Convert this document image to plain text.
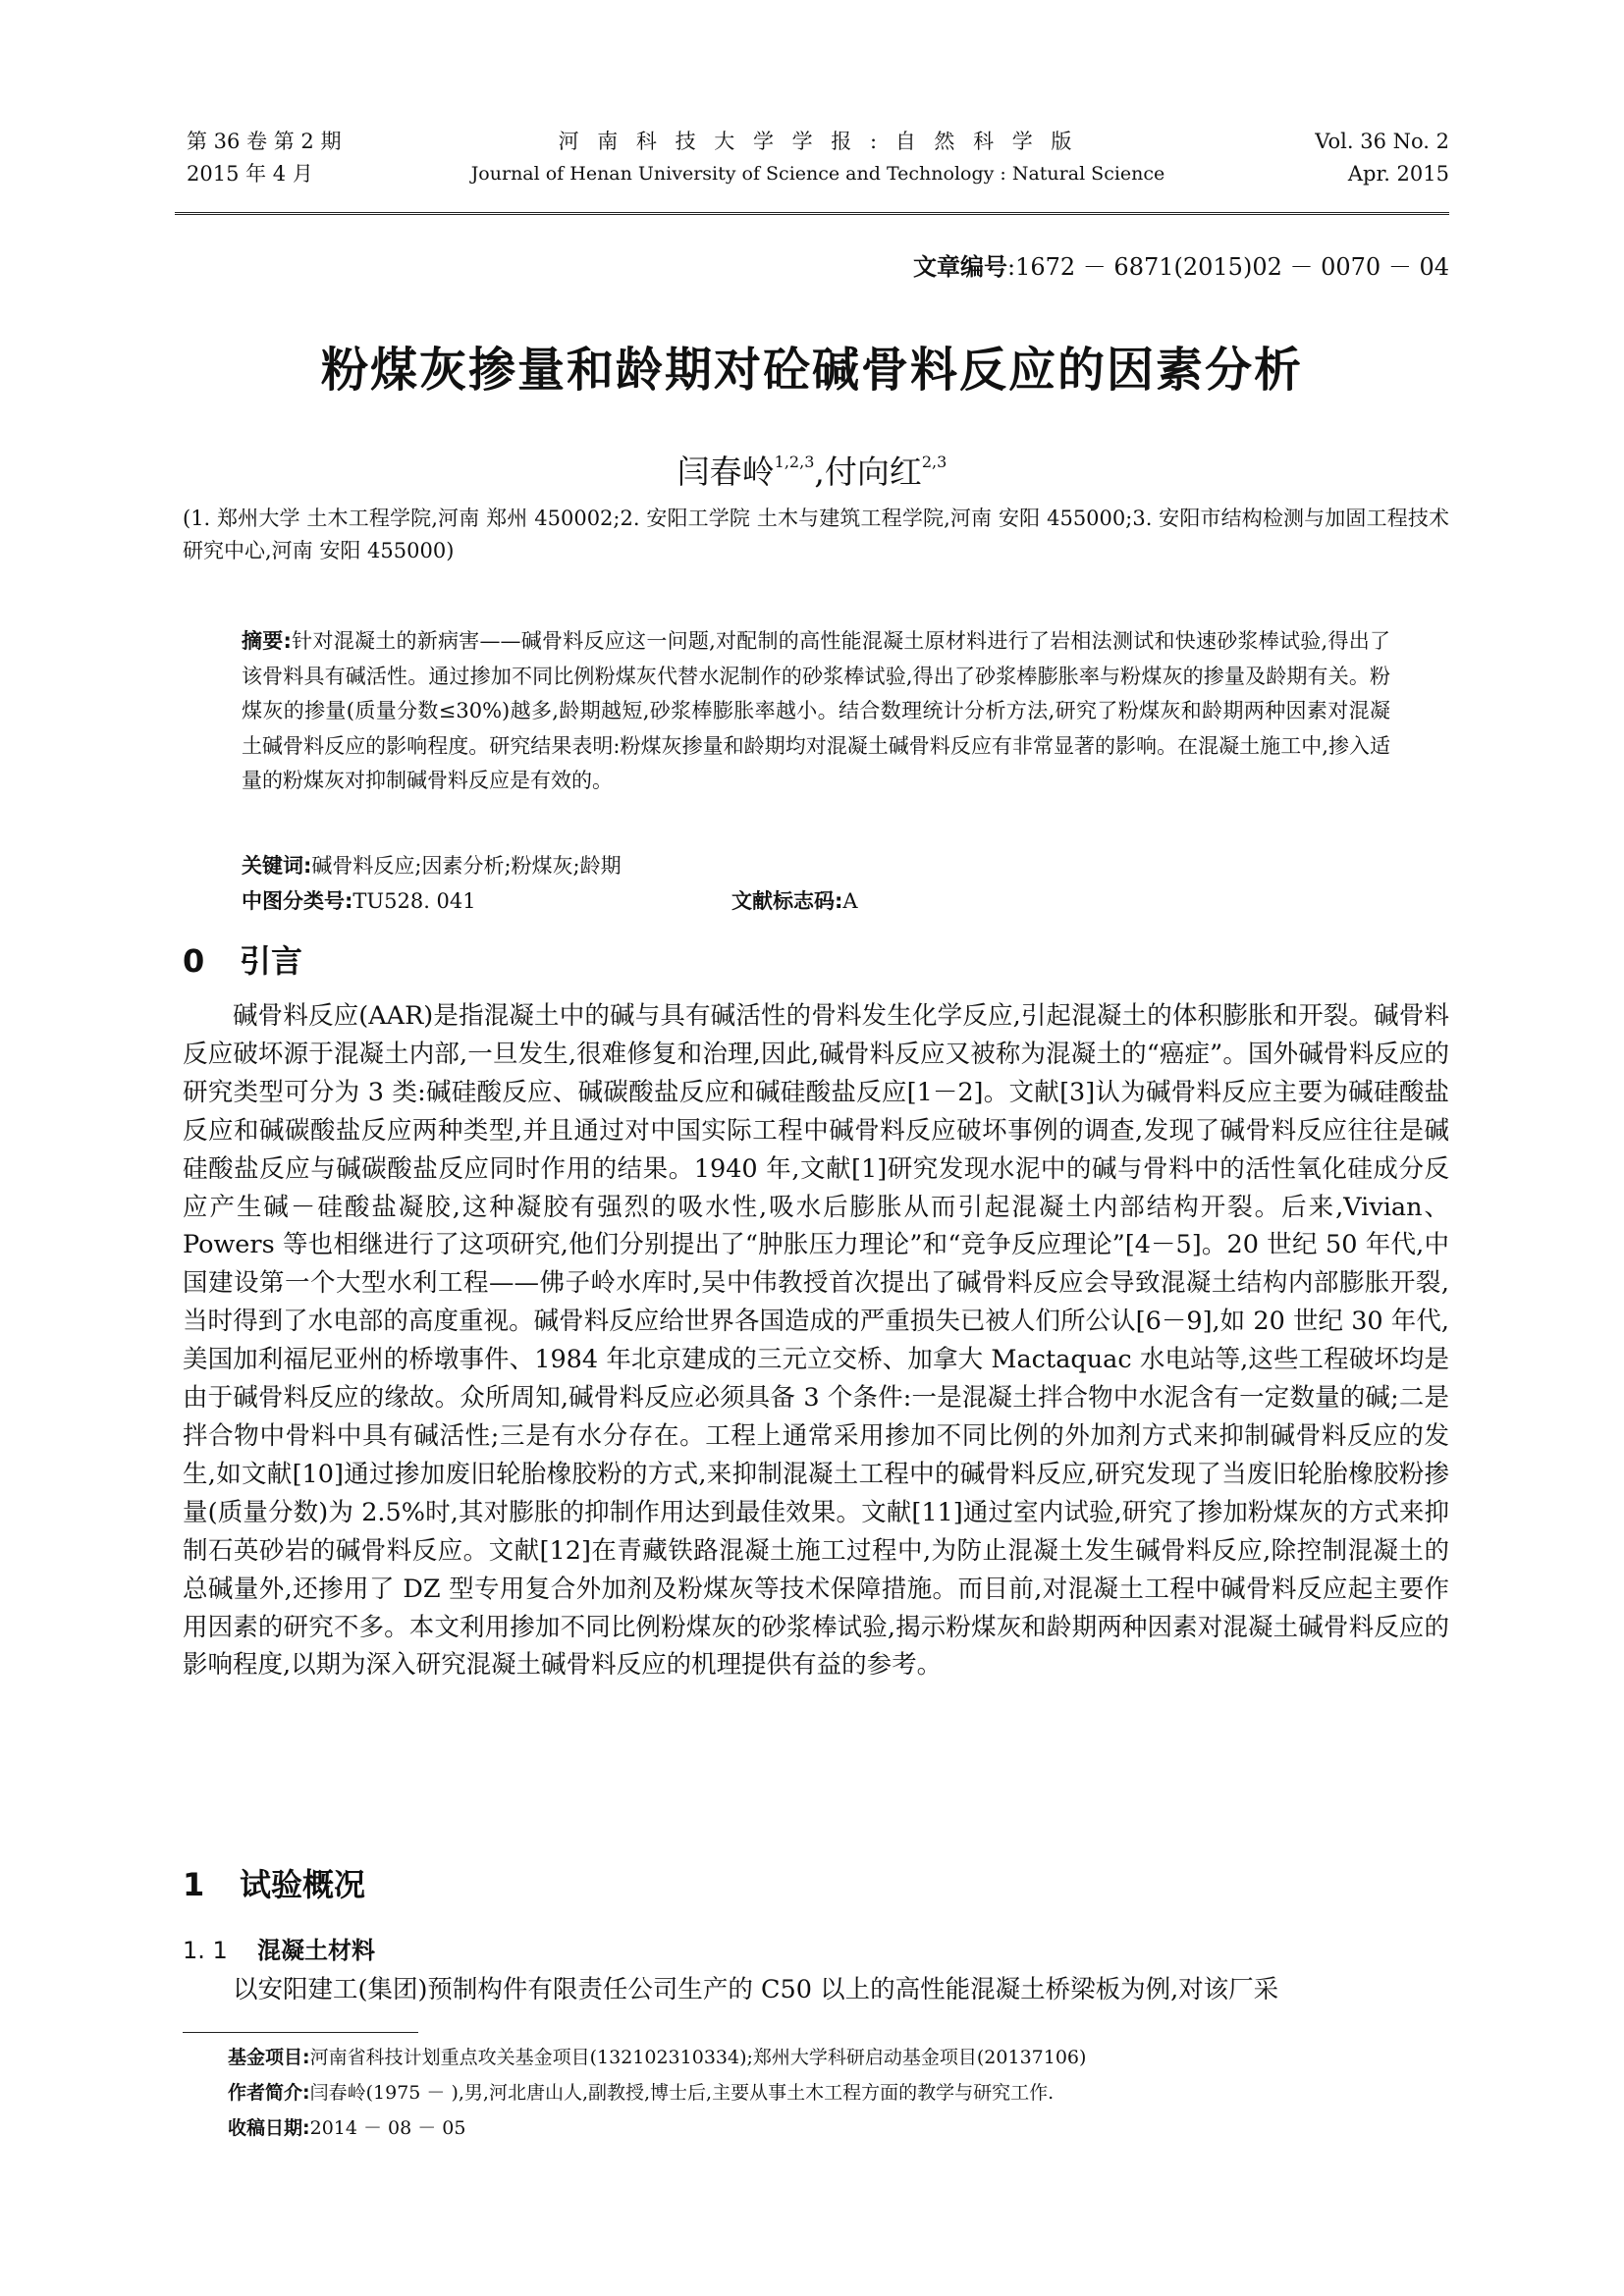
第 36 卷 第 2 期
2015 年 4 月
河 南 科 技 大 学 学 报 : 自 然 科 学 版
Journal of Henan University of Science and Technology : Natural Science
Vol. 36 No. 2
Apr. 2015
文章编号:1672 － 6871(2015)02 － 0070 － 04
粉煤灰掺量和龄期对砼碱骨料反应的因素分析
闫春岭$^{1,2,3}$,付向红$^{2,3}$
(1. 郑州大学 土木工程学院,河南 郑州 450002;2. 安阳工学院 土木与建筑工程学院,河南 安阳 455000;3. 安阳市结构检测与加固工程技术研究中心,河南 安阳 455000)
摘要:针对混凝土的新病害——碱骨料反应这一问题,对配制的高性能混凝土原材料进行了岩相法测试和快速砂浆棒试验,得出了该骨料具有碱活性。通过掺加不同比例粉煤灰代替水泥制作的砂浆棒试验,得出了砂浆棒膨胀率与粉煤灰的掺量及龄期有关。粉煤灰的掺量(质量分数≤30%)越多,龄期越短,砂浆棒膨胀率越小。结合数理统计分析方法,研究了粉煤灰和龄期两种因素对混凝土碱骨料反应的影响程度。研究结果表明:粉煤灰掺量和龄期均对混凝土碱骨料反应有非常显著的影响。在混凝土施工中,掺入适量的粉煤灰对抑制碱骨料反应是有效的。
关键词:碱骨料反应;因素分析;粉煤灰;龄期
中图分类号:TU528. 041	文献标志码:A
0 引言

碱骨料反应(AAR)是指混凝土中的碱与具有碱活性的骨料发生化学反应,引起混凝土的体积膨胀和开裂。碱骨料反应破坏源于混凝土内部,一旦发生,很难修复和治理,因此,碱骨料反应又被称为混凝土的“癌症”。国外碱骨料反应的研究类型可分为 3 类:碱硅酸反应、碱碳酸盐反应和碱硅酸盐反应[1－2]。文献[3]认为碱骨料反应主要为碱硅酸盐反应和碱碳酸盐反应两种类型,并且通过对中国实际工程中碱骨料反应破坏事例的调查,发现了碱骨料反应往往是碱硅酸盐反应与碱碳酸盐反应同时作用的结果。1940 年,文献[1]研究发现水泥中的碱与骨料中的活性氧化硅成分反应产生碱－硅酸盐凝胶,这种凝胶有强烈的吸水性,吸水后膨胀从而引起混凝土内部结构开裂。后来,Vivian、Powers 等也相继进行了这项研究,他们分别提出了“肿胀压力理论”和“竞争反应理论”[4－5]。20 世纪 50 年代,中国建设第一个大型水利工程——佛子岭水库时,吴中伟教授首次提出了碱骨料反应会导致混凝土结构内部膨胀开裂,当时得到了水电部的高度重视。碱骨料反应给世界各国造成的严重损失已被人们所公认[6－9],如 20 世纪 30 年代,美国加利福尼亚州的桥墩事件、1984 年北京建成的三元立交桥、加拿大 Mactaquac 水电站等,这些工程破坏均是由于碱骨料反应的缘故。众所周知,碱骨料反应必须具备 3 个条件:一是混凝土拌合物中水泥含有一定数量的碱;二是拌合物中骨料中具有碱活性;三是有水分存在。工程上通常采用掺加不同比例的外加剂方式来抑制碱骨料反应的发生,如文献[10]通过掺加废旧轮胎橡胶粉的方式,来抑制混凝土工程中的碱骨料反应,研究发现了当废旧轮胎橡胶粉掺量(质量分数)为 2.5%时,其对膨胀的抑制作用达到最佳效果。文献[11]通过室内试验,研究了掺加粉煤灰的方式来抑制石英砂岩的碱骨料反应。文献[12]在青藏铁路混凝土施工过程中,为防止混凝土发生碱骨料反应,除控制混凝土的总碱量外,还掺用了 DZ 型专用复合外加剂及粉煤灰等技术保障措施。而目前,对混凝土工程中碱骨料反应起主要作用因素的研究不多。本文利用掺加不同比例粉煤灰的砂浆棒试验,揭示粉煤灰和龄期两种因素对混凝土碱骨料反应的影响程度,以期为深入研究混凝土碱骨料反应的机理提供有益的参考。

1 试验概况
1. 1 混凝土材料

以安阳建工(集团)预制构件有限责任公司生产的 C50 以上的高性能混凝土桥梁板为例,对该厂采

基金项目:河南省科技计划重点攻关基金项目(132102310334);郑州大学科研启动基金项目(20137106)
作者简介:闫春岭(1975 － ),男,河北唐山人,副教授,博士后,主要从事土木工程方面的教学与研究工作.
收稿日期:2014 － 08 － 05
